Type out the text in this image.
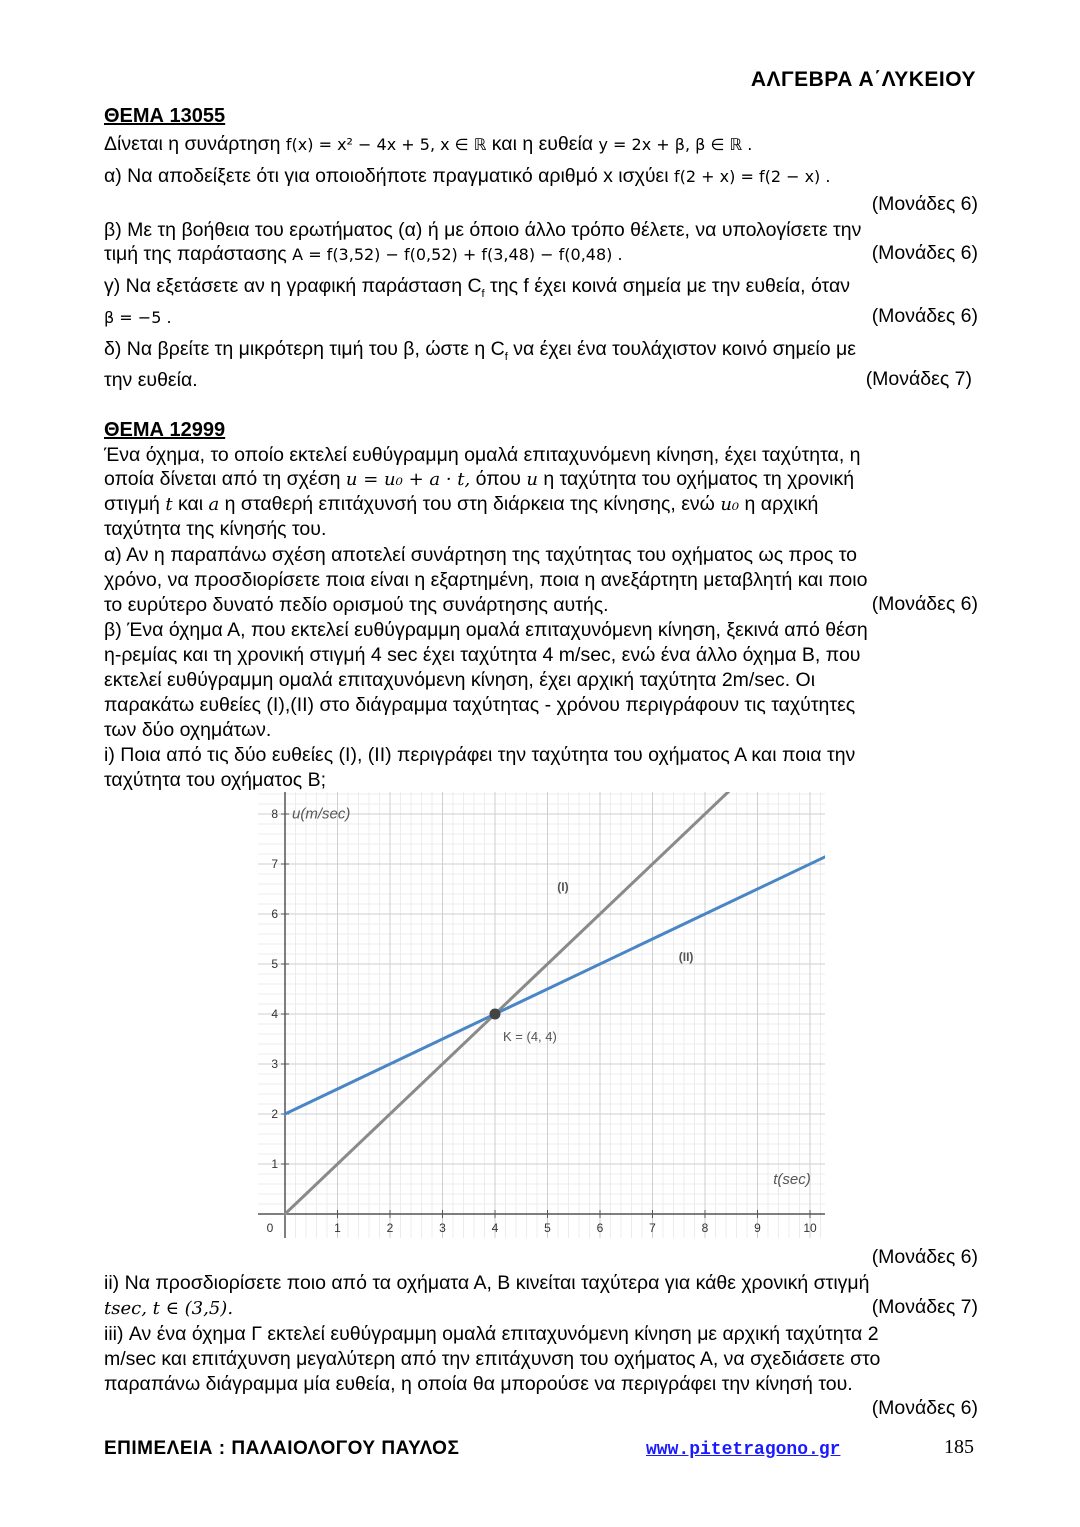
ΑΛΓΕΒΡΑ Α΄ΛΥΚΕΙΟΥ
ΘΕΜΑ 13055
Δίνεται η συνάρτηση f(x) = x² − 4x + 5, x ∈ ℝ και η ευθεία y = 2x + β, β ∈ ℝ .
α) Να αποδείξετε ότι για οποιοδήποτε πραγματικό αριθμό x ισχύει f(2 + x) = f(2 − x) .
(Μονάδες 6)
β) Με τη βοήθεια του ερωτήματος (α) ή με όποιο άλλο τρόπο θέλετε, να υπολογίσετε την
τιμή της παράστασης A = f(3,52) − f(0,52) + f(3,48) − f(0,48) .	(Μονάδες 6)
γ) Να εξετάσετε αν η γραφική παράσταση $C_f$ της f έχει κοινά σημεία με την ευθεία, όταν
β = −5 .	(Μονάδες 6)
δ) Να βρείτε τη μικρότερη τιμή του β, ώστε η $C_f$ να έχει ένα τουλάχιστον κοινό σημείο με
την ευθεία.	(Μονάδες 7)
ΘΕΜΑ 12999
Ένα όχημα, το οποίο εκτελεί ευθύγραμμη ομαλά επιταχυνόμενη κίνηση, έχει ταχύτητα, η
οποία δίνεται από τη σχέση u = u₀ + a · t, όπου u η ταχύτητα του οχήματος τη χρονική
στιγμή t και a η σταθερή επιτάχυνσή του στη διάρκεια της κίνησης, ενώ u₀ η αρχική
ταχύτητα της κίνησής του.
α) Αν η παραπάνω σχέση αποτελεί συνάρτηση της ταχύτητας του οχήματος ως προς το
χρόνο, να προσδιορίσετε ποια είναι η εξαρτημένη, ποια η ανεξάρτητη μεταβλητή και ποιο
το ευρύτερο δυνατό πεδίο ορισμού της συνάρτησης αυτής.	(Μονάδες 6)
β) Ένα όχημα Α, που εκτελεί ευθύγραμμη ομαλά επιταχυνόμενη κίνηση, ξεκινά από θέση
η-ρεμίας και τη χρονική στιγμή 4 sec έχει ταχύτητα 4 m/sec, ενώ ένα άλλο όχημα Β, που
εκτελεί ευθύγραμμη ομαλά επιταχυνόμενη κίνηση, έχει αρχική ταχύτητα 2m/sec. Οι
παρακάτω ευθείες (I),(II) στο διάγραμμα ταχύτητας - χρόνου περιγράφουν τις ταχύτητες
των δύο οχημάτων.
i) Ποια από τις δύο ευθείες (I), (II) περιγράφει την ταχύτητα του οχήματος Α και ποια την
ταχύτητα του οχήματος Β;
0	1	2	3	4	5	6	7	8	9	10
1
2
3
4
5
6
7
8
(I)
(II)
K = (4, 4)
u(m/sec)
t(sec)
(Μονάδες 6)
ii) Να προσδιορίσετε ποιο από τα οχήματα Α, Β κινείται ταχύτερα για κάθε χρονική στιγμή
tsec, t ∈ (3,5).	(Μονάδες 7)
iii) Αν ένα όχημα Γ εκτελεί ευθύγραμμη ομαλά επιταχυνόμενη κίνηση με αρχική ταχύτητα 2
m/sec και επιτάχυνση μεγαλύτερη από την επιτάχυνση του οχήματος Α, να σχεδιάσετε στο
παραπάνω διάγραμμα μία ευθεία, η οποία θα μπορούσε να περιγράφει την κίνησή του.
(Μονάδες 6)
ΕΠΙΜΕΛΕΙΑ : ΠΑΛΑΙΟΛΟΓΟΥ ΠΑΥΛΟΣ	www.pitetragono.gr	185
